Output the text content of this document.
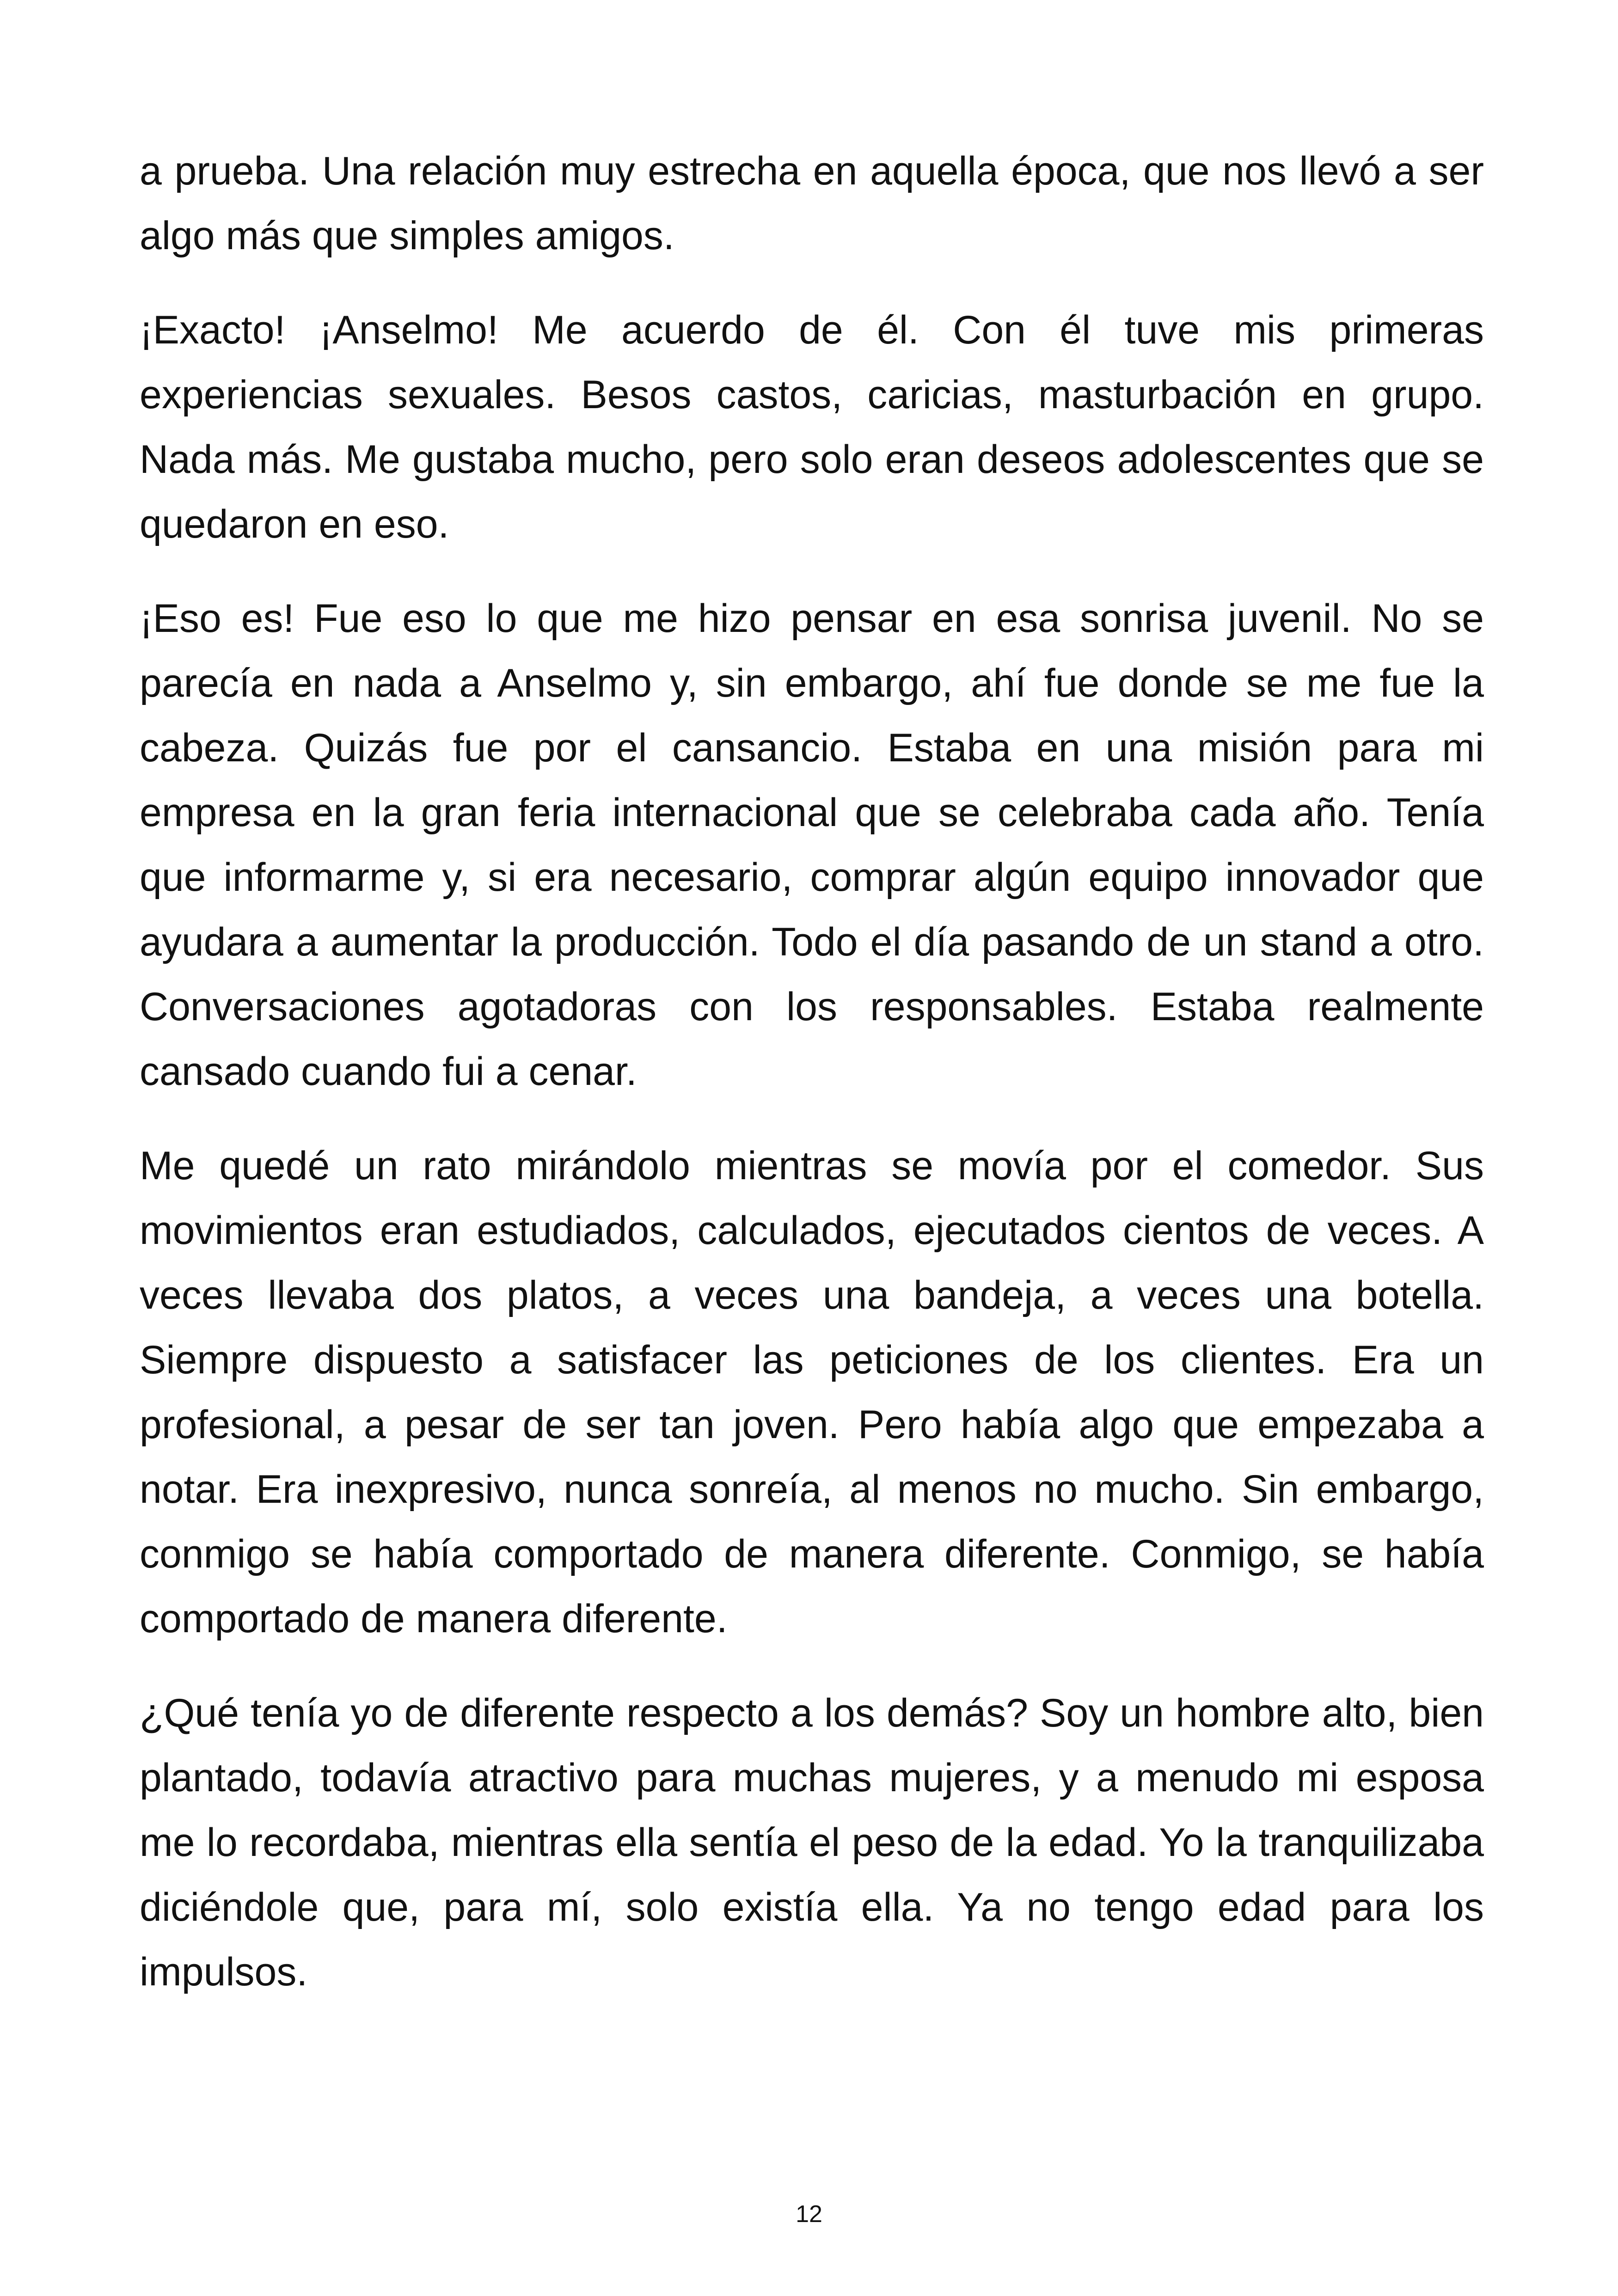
a prueba. Una relación muy estrecha en aquella época, que nos llevó a ser algo más que simples amigos.

¡Exacto! ¡Anselmo! Me acuerdo de él. Con él tuve mis primeras experiencias sexuales. Besos castos, caricias, masturbación en grupo. Nada más. Me gustaba mucho, pero solo eran deseos adolescentes que se quedaron en eso.

¡Eso es! Fue eso lo que me hizo pensar en esa sonrisa juvenil. No se parecía en nada a Anselmo y, sin embargo, ahí fue donde se me fue la cabeza. Quizás fue por el cansancio. Estaba en una misión para mi empresa en la gran feria internacional que se celebraba cada año. Tenía que informarme y, si era necesario, comprar algún equipo innovador que ayudara a aumentar la producción. Todo el día pasando de un stand a otro. Conversaciones agotadoras con los responsables. Estaba realmente cansado cuando fui a cenar.

Me quedé un rato mirándolo mientras se movía por el comedor. Sus movimientos eran estudiados, calculados, ejecutados cientos de veces. A veces llevaba dos platos, a veces una bandeja, a veces una botella. Siempre dispuesto a satisfacer las peticiones de los clientes. Era un profesional, a pesar de ser tan joven. Pero había algo que empezaba a notar. Era inexpresivo, nunca sonreía, al menos no mucho. Sin embargo, conmigo se había comportado de manera diferente. Conmigo, se había comportado de manera diferente.

¿Qué tenía yo de diferente respecto a los demás? Soy un hombre alto, bien plantado, todavía atractivo para muchas mujeres, y a menudo mi esposa me lo recordaba, mientras ella sentía el peso de la edad. Yo la tranquilizaba diciéndole que, para mí, solo existía ella. Ya no tengo edad para los impulsos.

12
